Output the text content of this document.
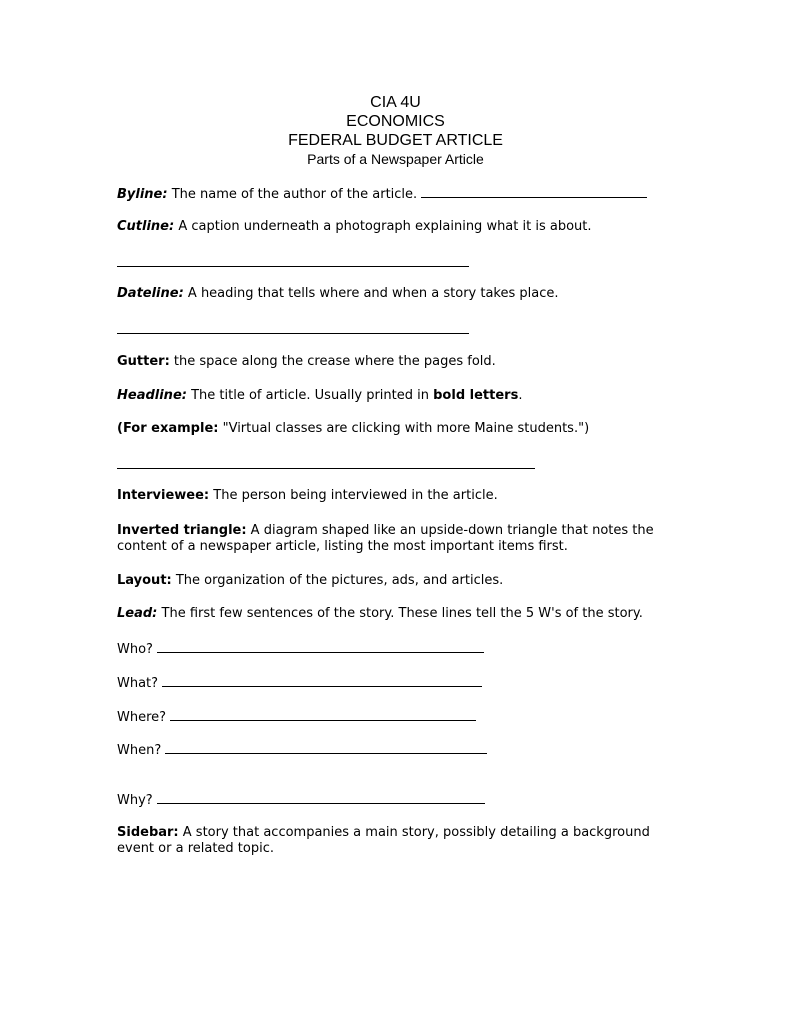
CIA 4U
ECONOMICS
FEDERAL BUDGET ARTICLE
Parts of a Newspaper Article
Byline: The name of the author of the article.
Cutline: A caption underneath a photograph explaining what it is about.
Dateline: A heading that tells where and when a story takes place.
Gutter: the space along the crease where the pages fold.
Headline: The title of article. Usually printed in bold letters.
(For example: "Virtual classes are clicking with more Maine students.")
Interviewee: The person being interviewed in the article.
Inverted triangle: A diagram shaped like an upside-down triangle that notes the content of a newspaper article, listing the most important items first.
Layout: The organization of the pictures, ads, and articles.
Lead: The first few sentences of the story. These lines tell the 5 W's of the story.
Who?
What?
Where?
When?
Why?
Sidebar: A story that accompanies a main story, possibly detailing a background event or a related topic.
